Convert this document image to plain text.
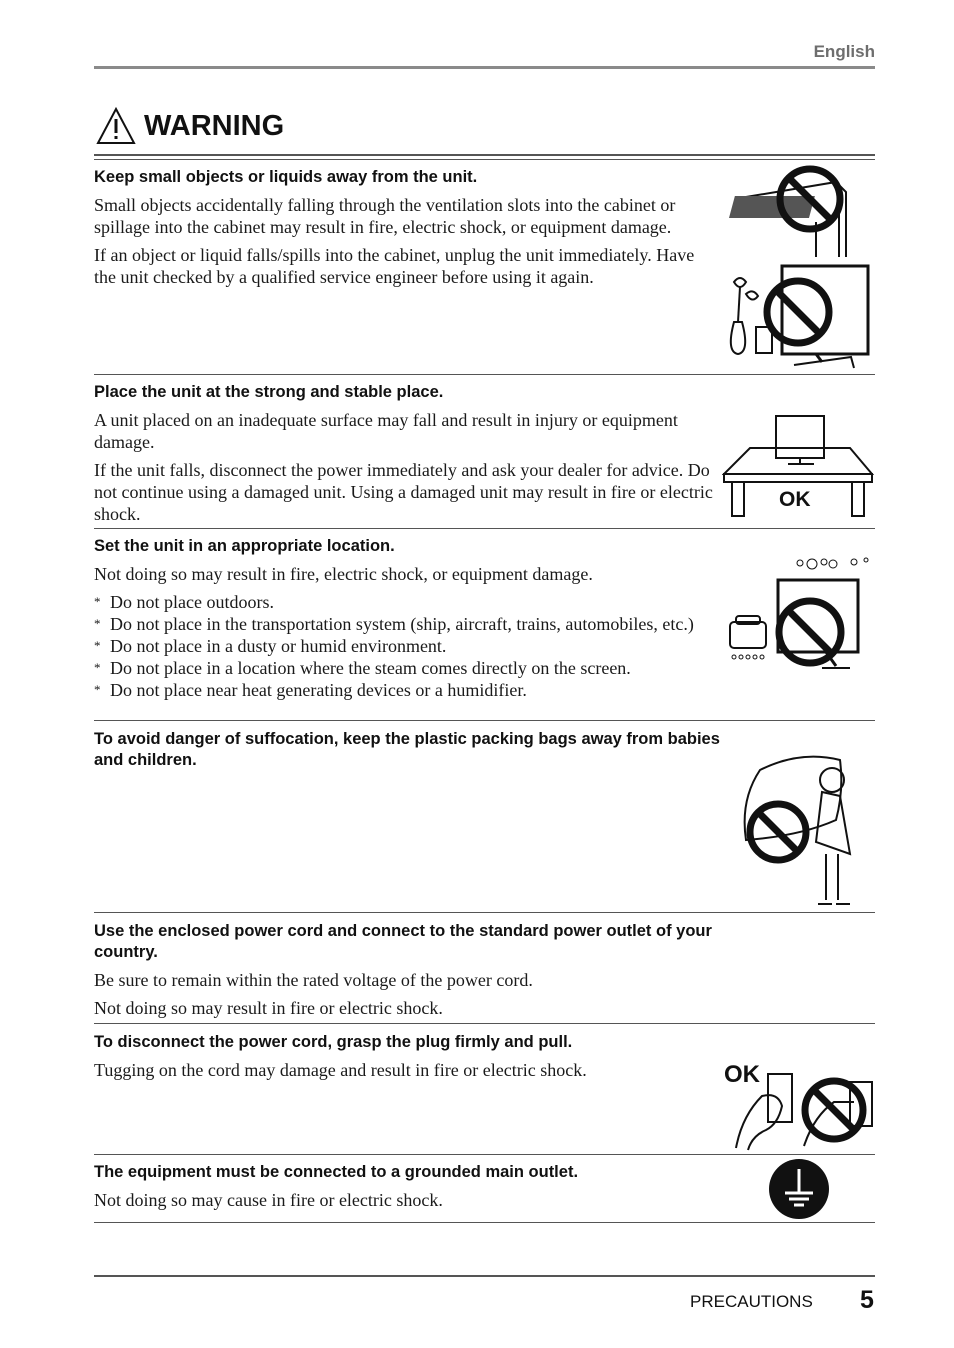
English
WARNING
Keep small objects or liquids away from the unit.

Small objects accidentally falling through the ventilation slots into the cabinet or spillage into the cabinet may result in fire, electric shock, or equipment damage.

If an object or liquid falls/spills into the cabinet, unplug the unit immediately. Have the unit checked by a qualified service engineer before using it again.

Place the unit at the strong and stable place.

A unit placed on an inadequate surface may fall and result in injury or equipment damage.

If the unit falls, disconnect the power immediately and ask your dealer for advice. Do not continue using a damaged unit. Using a damaged unit may result in fire or electric shock.

OK
Set the unit in an appropriate location.

Not doing so may result in fire, electric shock, or equipment damage.

* Do not place outdoors.
* Do not place in the transportation system (ship, aircraft, trains, automobiles, etc.)
* Do not place in a dusty or humid environment.
* Do not place in a location where the steam comes directly on the screen.
* Do not place near heat generating devices or a humidifier.
To avoid danger of suffocation, keep the plastic packing bags away from babies and children.
Use the enclosed power cord and connect to the standard power outlet of your country.

Be sure to remain within the rated voltage of the power cord.

Not doing so may result in fire or electric shock.

To disconnect the power cord, grasp the plug firmly and pull.

Tugging on the cord may damage and result in fire or electric shock.	OK
The equipment must be connected to a grounded main outlet.

Not doing so may cause in fire or electric shock.

PRECAUTIONS 5
